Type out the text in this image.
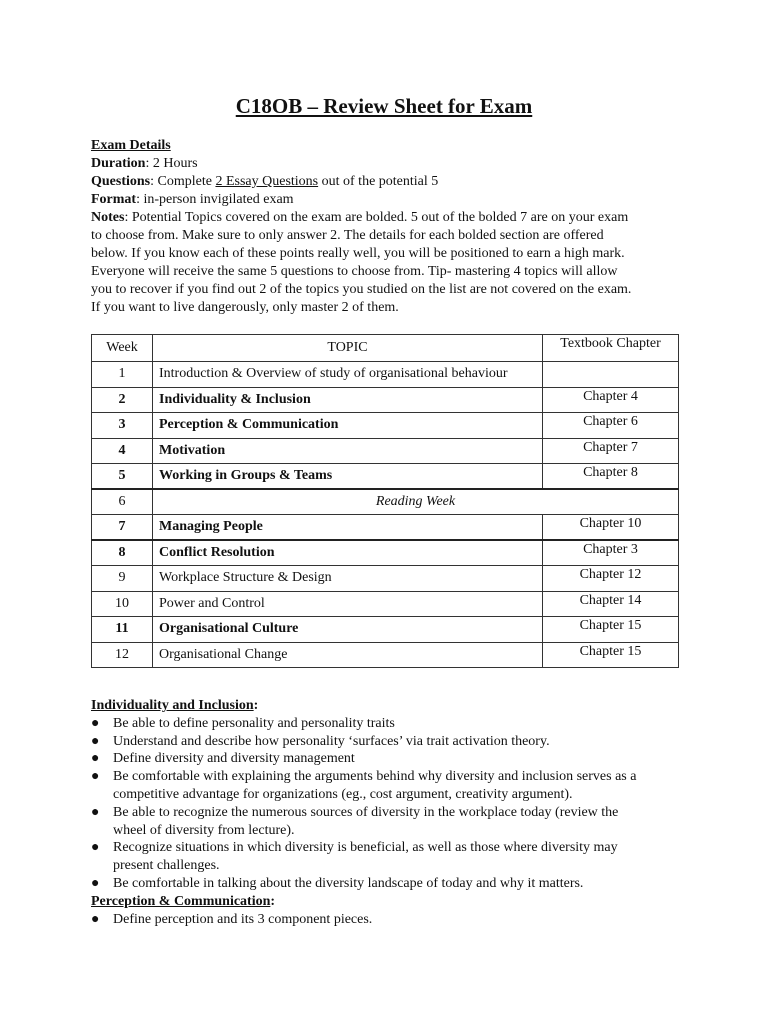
C18OB – Review Sheet for Exam
Exam Details
Duration: 2 Hours
Questions: Complete 2 Essay Questions out of the potential 5
Format: in-person invigilated exam
Notes: Potential Topics covered on the exam are bolded. 5 out of the bolded 7 are on your exam
to choose from. Make sure to only answer 2. The details for each bolded section are offered
below. If you know each of these points really well, you will be positioned to earn a high mark.
Everyone will receive the same 5 questions to choose from. Tip- mastering 4 topics will allow
you to recover if you find out 2 of the topics you studied on the list are not covered on the exam.
If you want to live dangerously, only master 2 of them.
Week	TOPIC	Textbook Chapter
1	Introduction & Overview of study of organisational behaviour	
2	Individuality & Inclusion	Chapter 4
3	Perception & Communication	Chapter 6
4	Motivation	Chapter 7
5	Working in Groups & Teams	Chapter 8
6	Reading Week	
7	Managing People	Chapter 10
8	Conflict Resolution	Chapter 3
9	Workplace Structure & Design	Chapter 12
10	Power and Control	Chapter 14
11	Organisational Culture	Chapter 15
12	Organisational Change	Chapter 15
Individuality and Inclusion:
● Be able to define personality and personality traits
● Understand and describe how personality ‘surfaces’ via trait activation theory.
● Define diversity and diversity management
● Be comfortable with explaining the arguments behind why diversity and inclusion serves as a
competitive advantage for organizations (eg., cost argument, creativity argument).
● Be able to recognize the numerous sources of diversity in the workplace today (review the
wheel of diversity from lecture).
● Recognize situations in which diversity is beneficial, as well as those where diversity may
present challenges.
● Be comfortable in talking about the diversity landscape of today and why it matters.
Perception & Communication:
● Define perception and its 3 component pieces.
